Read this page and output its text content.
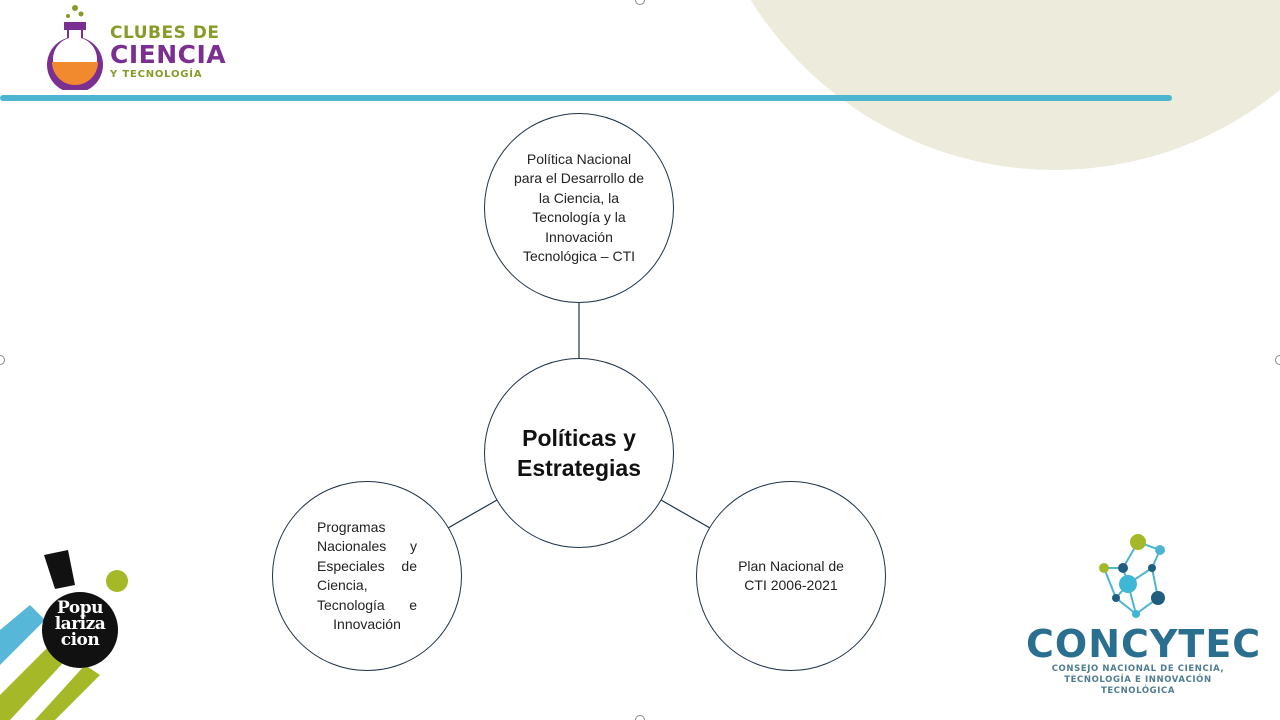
CLUBES DE
CIENCIA
Y TECNOLOGÍA
Política Nacional para el Desarrollo de la Ciencia, la Tecnología y la Innovación Tecnológica – CTI
Políticas y Estrategias
Plan Nacional de CTI 2006-2021
Programas Nacionales y Especiales de Ciencia, Tecnología e Innovación
Popu
lariza
cion	CONCYTEC
CONSEJO NACIONAL DE CIENCIA,
TECNOLOGÍA E INNOVACIÓN TECNOLÓGICA
